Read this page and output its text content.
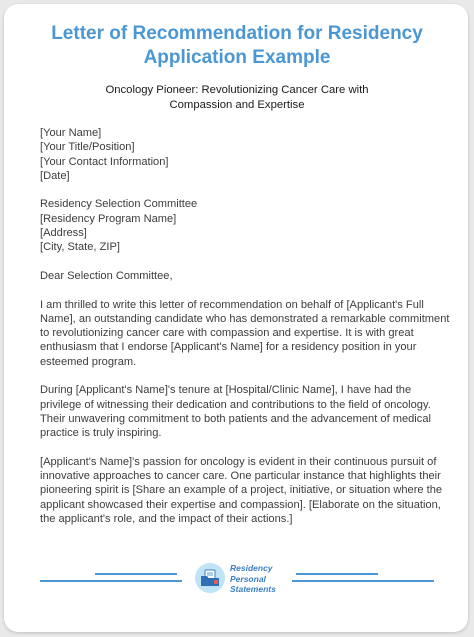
Letter of Recommendation for Residency
Application Example
Oncology Pioneer: Revolutionizing Cancer Care with
Compassion and Expertise
[Your Name]
[Your Title/Position]
[Your Contact Information]
[Date]
Residency Selection Committee
[Residency Program Name]
[Address]
[City, State, ZIP]
Dear Selection Committee,
I am thrilled to write this letter of recommendation on behalf of [Applicant's Full
Name], an outstanding candidate who has demonstrated a remarkable commitment
to revolutionizing cancer care with compassion and expertise. It is with great
enthusiasm that I endorse [Applicant's Name] for a residency position in your
esteemed program.
During [Applicant's Name]'s tenure at [Hospital/Clinic Name], I have had the
privilege of witnessing their dedication and contributions to the field of oncology.
Their unwavering commitment to both patients and the advancement of medical
practice is truly inspiring.
[Applicant's Name]'s passion for oncology is evident in their continuous pursuit of
innovative approaches to cancer care. One particular instance that highlights their
pioneering spirit is [Share an example of a project, initiative, or situation where the
applicant showcased their expertise and compassion]. [Elaborate on the situation,
the applicant's role, and the impact of their actions.]
Residency
Personal
Statements
